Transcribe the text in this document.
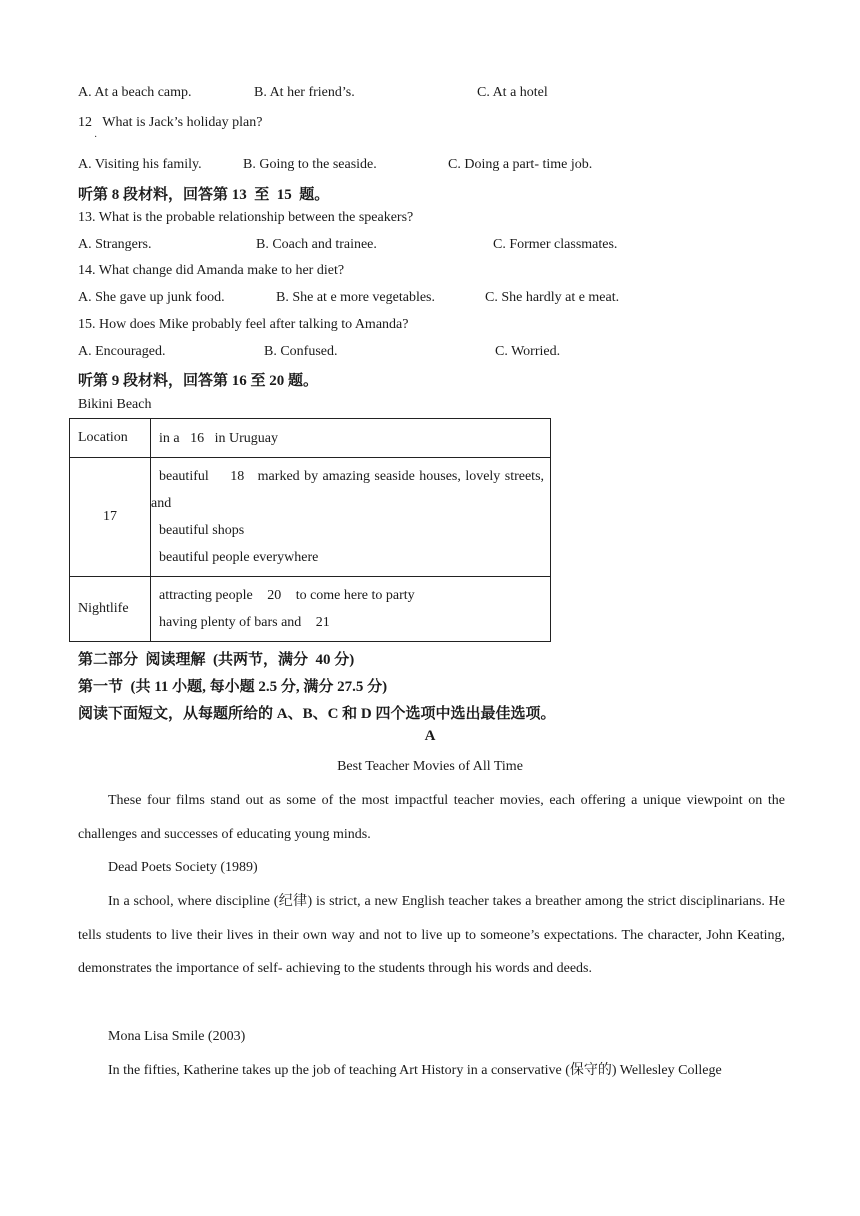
A. At a beach camp.	B. At her friend’s.	C. At a hotel
12   What is Jack’s holiday plan?
·
A. Visiting his family.	B. Going to the seaside.	C. Doing a part- time job.
听第 8 段材料，回答第 13  至  15  题。
13. What is the probable relationship between the speakers?
A. Strangers.	B. Coach and trainee.	C. Former classmates.
14. What change did Amanda make to her diet?
A. She gave up junk food.	B. She at e more vegetables.	C. She hardly at e meat.
15. How does Mike probably feel after talking to Amanda?
A. Encouraged.	B. Confused.	C. Worried.
听第 9 段材料，回答第 16 至 20 题。
Bikini Beach
Location	in a 16 in Uruguay

17	beautiful 18 marked by amazing seaside houses, lovely streets, and
beautiful shops
beautiful people everywhere

Nightlife	attracting people 20 to come here to party
having plenty of bars and 21
第二部分  阅读理解  (共两节，满分  40 分)
第一节  (共 11 小题, 每小题 2.5 分, 满分 27.5 分)
阅读下面短文，从每题所给的 A、B、C 和 D 四个选项中选出最佳选项。
A
Best Teacher Movies of All Time
These four films stand out as some of the most impactful teacher movies, each offering a unique viewpoint on the challenges and successes of educating young minds.
Dead Poets Society (1989)
In a school, where discipline (纪律) is strict, a new English teacher takes a breather among the strict disciplinarians. He tells students to live their lives in their own way and not to live up to someone’s expectations. The character, John Keating, demonstrates the importance of self- achieving to the students through his words and deeds.
Mona Lisa Smile (2003)
In the fifties, Katherine takes up the job of teaching Art History in a conservative (保守的) Wellesley College
